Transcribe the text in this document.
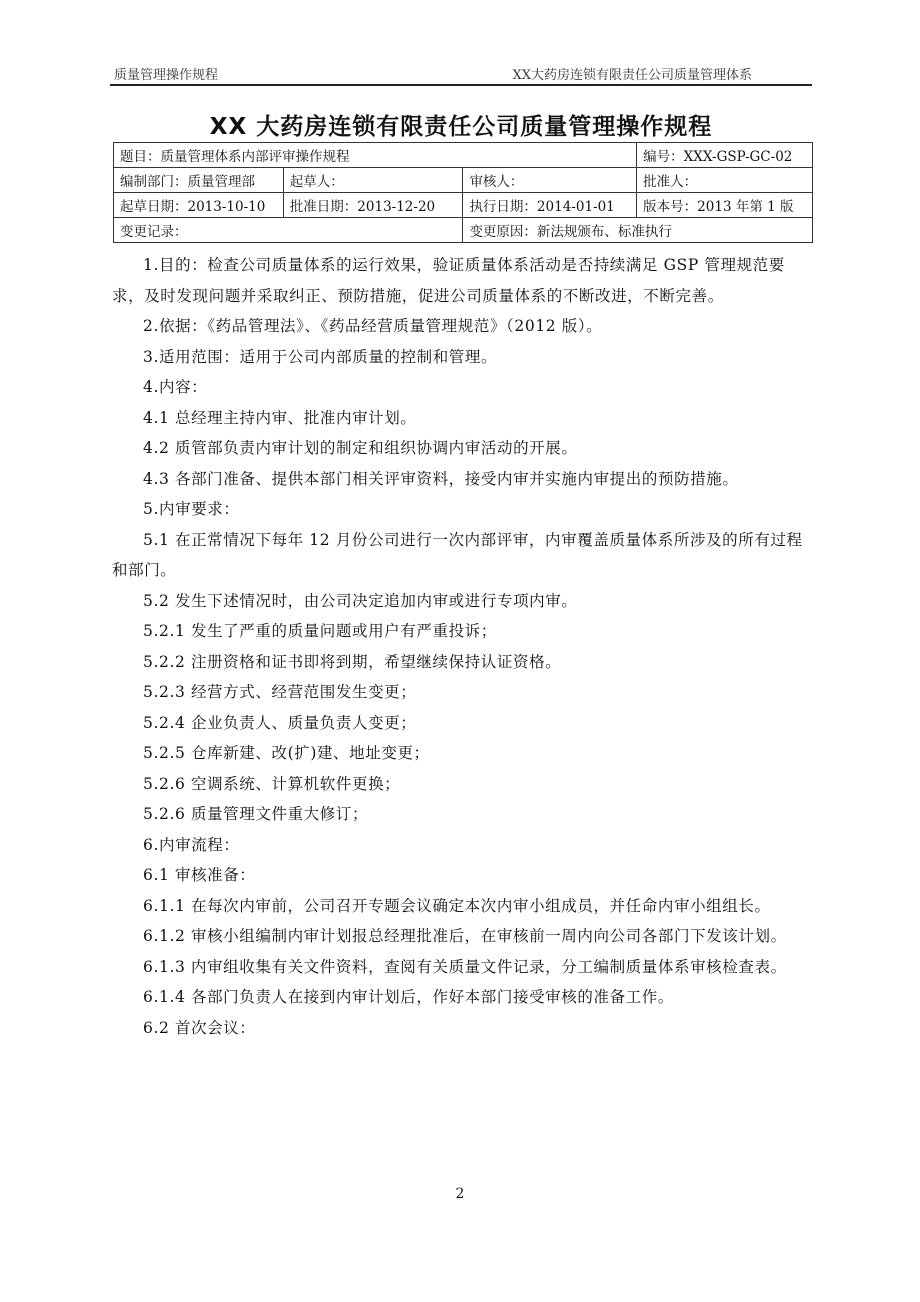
质量管理操作规程	XX大药房连锁有限责任公司质量管理体系
XX 大药房连锁有限责任公司质量管理操作规程
题目：质量管理体系内部评审操作规程			编号：XXX-GSP-GC-02
编制部门：质量管理部	起草人：	审核人：	批准人：
起草日期：2013-10-10	批准日期：2013-12-20	执行日期：2014-01-01	版本号：2013 年第 1 版
变更记录：		变更原因：新法规颁布、标准执行	

1.目的：检查公司质量体系的运行效果，验证质量体系活动是否持续满足 GSP 管理规范要求，及时发现问题并采取纠正、预防措施，促进公司质量体系的不断改进，不断完善。

2.依据：《药品管理法》、《药品经营质量管理规范》（2012 版）。

3.适用范围：适用于公司内部质量的控制和管理。

4.内容：

4.1 总经理主持内审、批准内审计划。

4.2 质管部负责内审计划的制定和组织协调内审活动的开展。

4.3 各部门准备、提供本部门相关评审资料，接受内审并实施内审提出的预防措施。

5.内审要求：

5.1 在正常情况下每年 12 月份公司进行一次内部评审，内审覆盖质量体系所涉及的所有过程和部门。

5.2 发生下述情况时，由公司决定追加内审或进行专项内审。

5.2.1 发生了严重的质量问题或用户有严重投诉；

5.2.2 注册资格和证书即将到期，希望继续保持认证资格。

5.2.3 经营方式、经营范围发生变更；

5.2.4 企业负责人、质量负责人变更；

5.2.5 仓库新建、改(扩)建、地址变更；

5.2.6 空调系统、计算机软件更换；

5.2.6 质量管理文件重大修订；

6.内审流程：

6.1 审核准备：

6.1.1 在每次内审前，公司召开专题会议确定本次内审小组成员，并任命内审小组组长。

6.1.2 审核小组编制内审计划报总经理批准后，在审核前一周内向公司各部门下发该计划。

6.1.3 内审组收集有关文件资料，查阅有关质量文件记录，分工编制质量体系审核检查表。

6.1.4 各部门负责人在接到内审计划后，作好本部门接受审核的准备工作。

6.2 首次会议：

2
